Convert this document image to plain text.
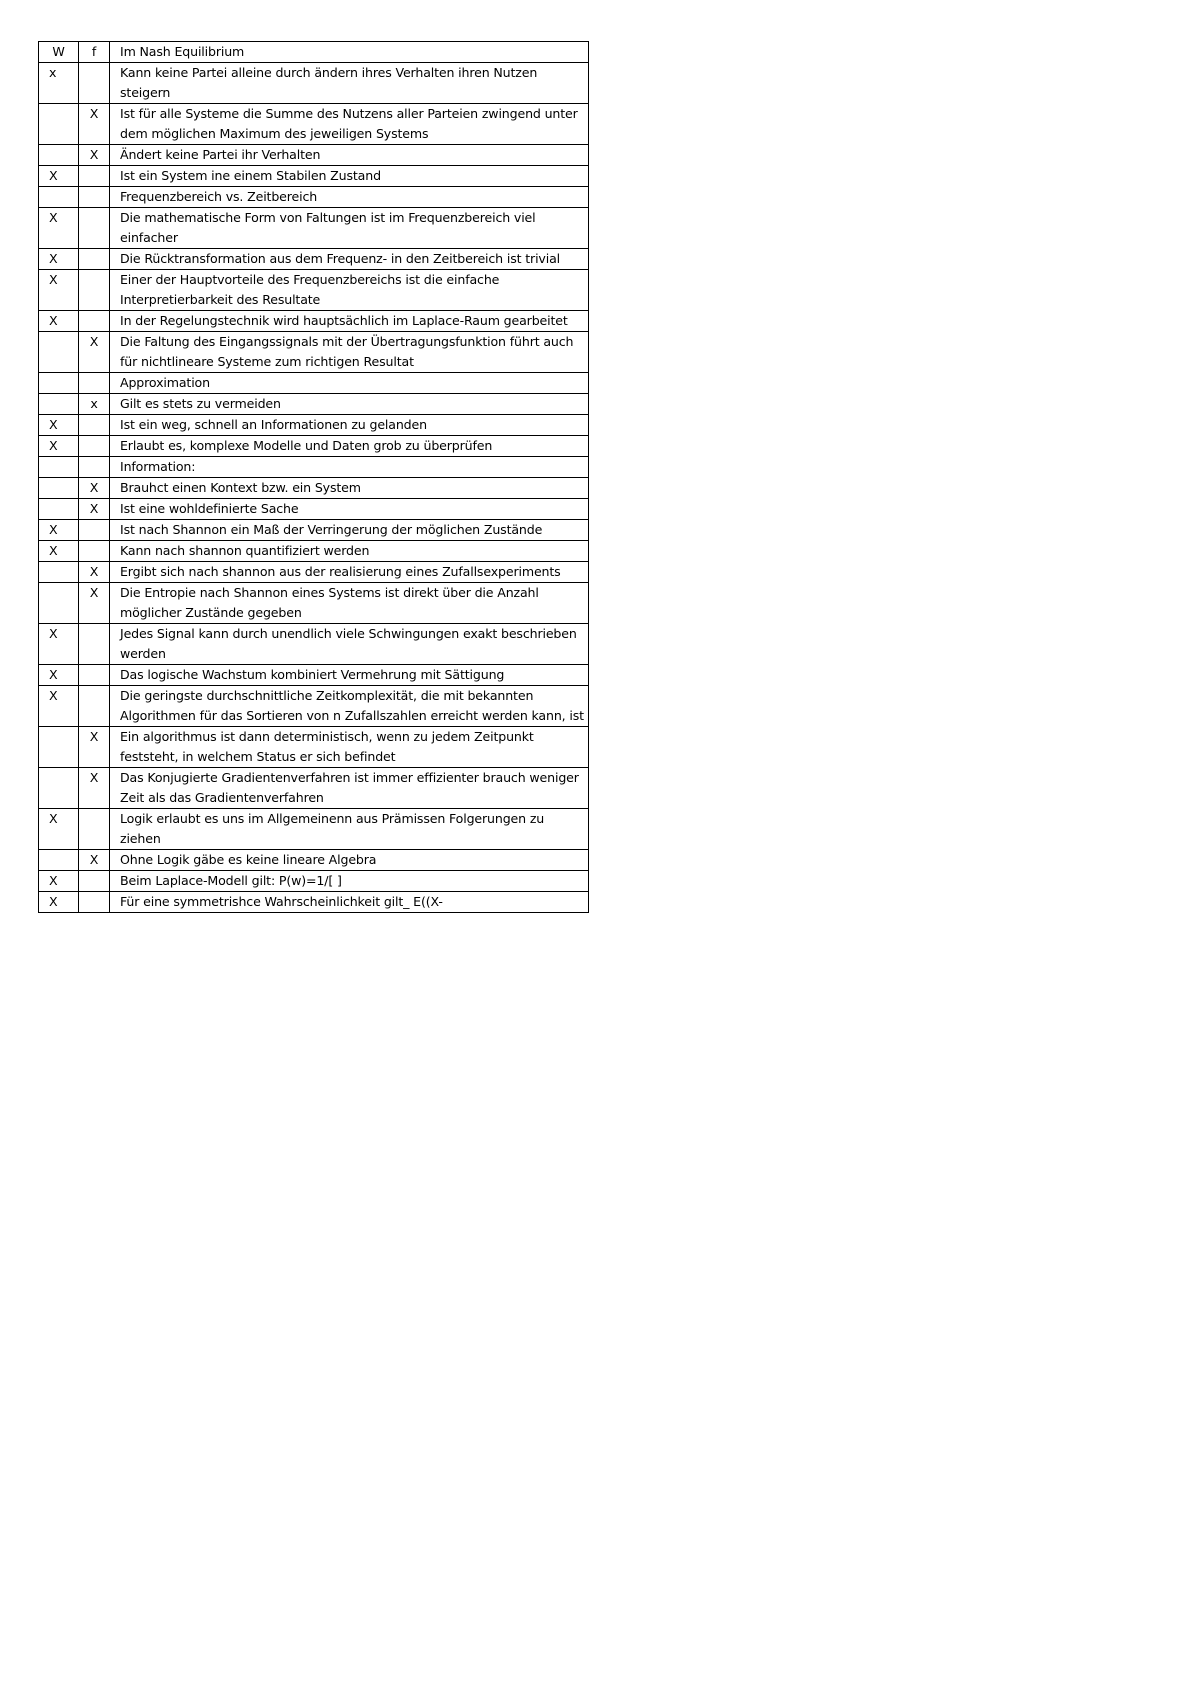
W	f	Im Nash Equilibrium
x		Kann keine Partei alleine durch ändern ihres Verhalten ihren Nutzen steigern
	X	Ist für alle Systeme die Summe des Nutzens aller Parteien zwingend unter dem möglichen Maximum des jeweiligen Systems
	X	Ändert keine Partei ihr Verhalten
X		Ist ein System ine einem Stabilen Zustand
		Frequenzbereich vs. Zeitbereich
X		Die mathematische Form von Faltungen ist im Frequenzbereich viel einfacher
X		Die Rücktransformation aus dem Frequenz- in den Zeitbereich ist trivial
X		Einer der Hauptvorteile des Frequenzbereichs ist die einfache Interpretierbarkeit des Resultate
X		In der Regelungstechnik wird hauptsächlich im Laplace-Raum gearbeitet
	X	Die Faltung des Eingangssignals mit der Übertragungsfunktion führt auch für nichtlineare Systeme zum richtigen Resultat
		Approximation
	x	Gilt es stets zu vermeiden
X		Ist ein weg, schnell an Informationen zu gelanden
X		Erlaubt es, komplexe Modelle und Daten grob zu überprüfen
		Information:
	X	Brauhct einen Kontext bzw. ein System
	X	Ist eine wohldefinierte Sache
X		Ist nach Shannon ein Maß der Verringerung der möglichen Zustände
X		Kann nach shannon quantifiziert werden
	X	Ergibt sich nach shannon aus der realisierung eines Zufallsexperiments
	X	Die Entropie nach Shannon eines Systems ist direkt über die Anzahl möglicher Zustände gegeben
X		Jedes Signal kann durch unendlich viele Schwingungen exakt beschrieben werden
X		Das logische Wachstum kombiniert Vermehrung mit Sättigung
X		Die geringste durchschnittliche Zeitkomplexität, die mit bekannten Algorithmen für das Sortieren von n Zufallszahlen erreicht werden kann, ist
	X	Ein algorithmus ist dann deterministisch, wenn zu jedem Zeitpunkt feststeht, in welchem Status er sich befindet
	X	Das Konjugierte Gradientenverfahren ist immer effizienter brauch weniger Zeit als das Gradientenverfahren
X		Logik erlaubt es uns im Allgemeinenn aus Prämissen Folgerungen zu ziehen
	X	Ohne Logik gäbe es keine lineare Algebra
X		Beim Laplace-Modell gilt: P(w)=1/[ ]
X		Für eine symmetrishce Wahrscheinlichkeit gilt_ E((X-
